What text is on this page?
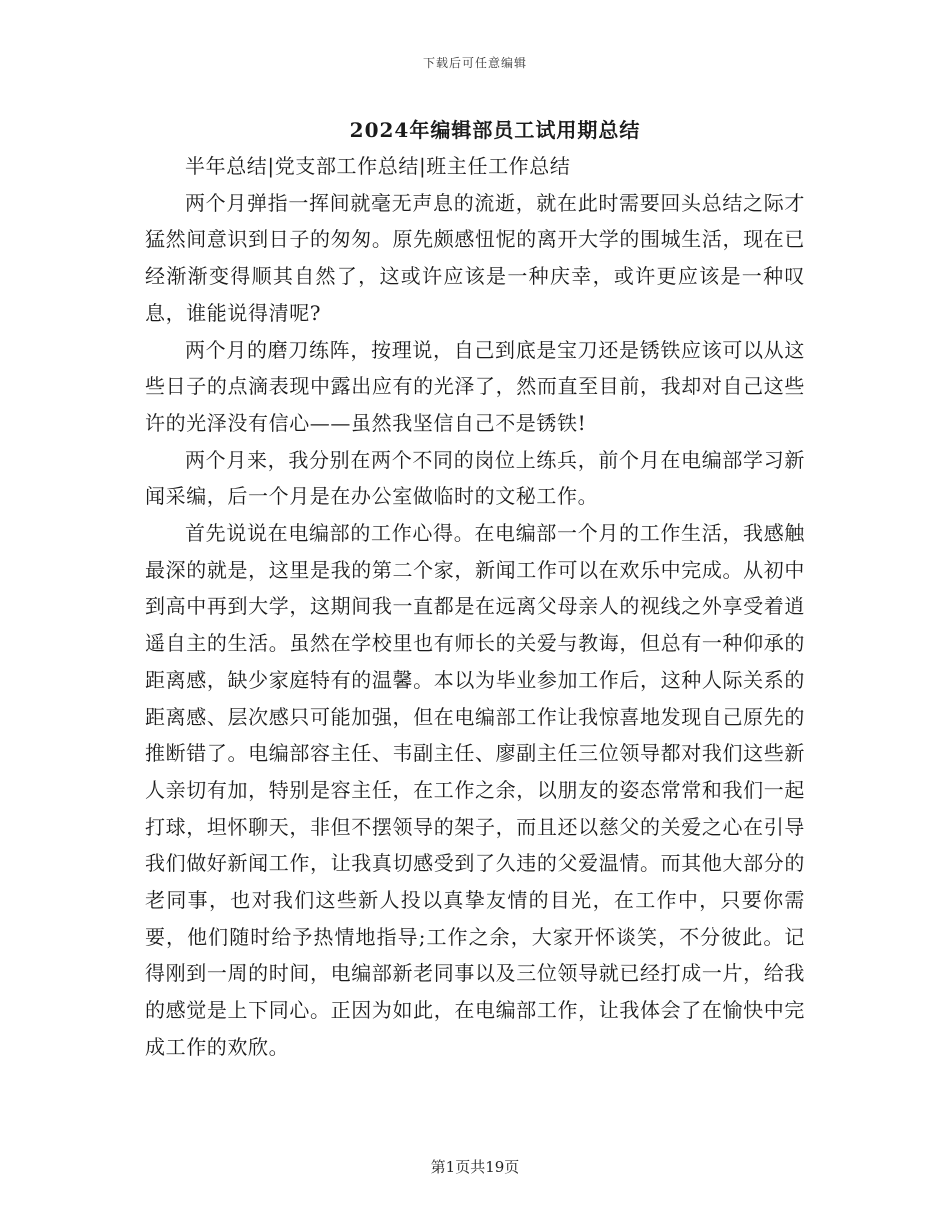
下载后可任意编辑
2024年编辑部员工试用期总结

半年总结|党支部工作总结|班主任工作总结

两个月弹指一挥间就毫无声息的流逝，就在此时需要回头总结之际才猛然间意识到日子的匆匆。原先颇感忸怩的离开大学的围城生活，现在已经渐渐变得顺其自然了，这或许应该是一种庆幸，或许更应该是一种叹息，谁能说得清呢?

两个月的磨刀练阵，按理说，自己到底是宝刀还是锈铁应该可以从这些日子的点滴表现中露出应有的光泽了，然而直至目前，我却对自己这些许的光泽没有信心——虽然我坚信自己不是锈铁!

两个月来，我分别在两个不同的岗位上练兵，前个月在电编部学习新闻采编，后一个月是在办公室做临时的文秘工作。

首先说说在电编部的工作心得。在电编部一个月的工作生活，我感触最深的就是，这里是我的第二个家，新闻工作可以在欢乐中完成。从初中到高中再到大学，这期间我一直都是在远离父母亲人的视线之外享受着逍遥自主的生活。虽然在学校里也有师长的关爱与教诲，但总有一种仰承的距离感，缺少家庭特有的温馨。本以为毕业参加工作后，这种人际关系的距离感、层次感只可能加强，但在电编部工作让我惊喜地发现自己原先的推断错了。电编部容主任、韦副主任、廖副主任三位领导都对我们这些新人亲切有加，特别是容主任，在工作之余，以朋友的姿态常常和我们一起打球，坦怀聊天，非但不摆领导的架子，而且还以慈父的关爱之心在引导我们做好新闻工作，让我真切感受到了久违的父爱温情。而其他大部分的老同事，也对我们这些新人投以真挚友情的目光，在工作中，只要你需要，他们随时给予热情地指导;工作之余，大家开怀谈笑，不分彼此。记得刚到一周的时间，电编部新老同事以及三位领导就已经打成一片，给我的感觉是上下同心。正因为如此，在电编部工作，让我体会了在愉快中完成工作的欢欣。

第1页共19页
